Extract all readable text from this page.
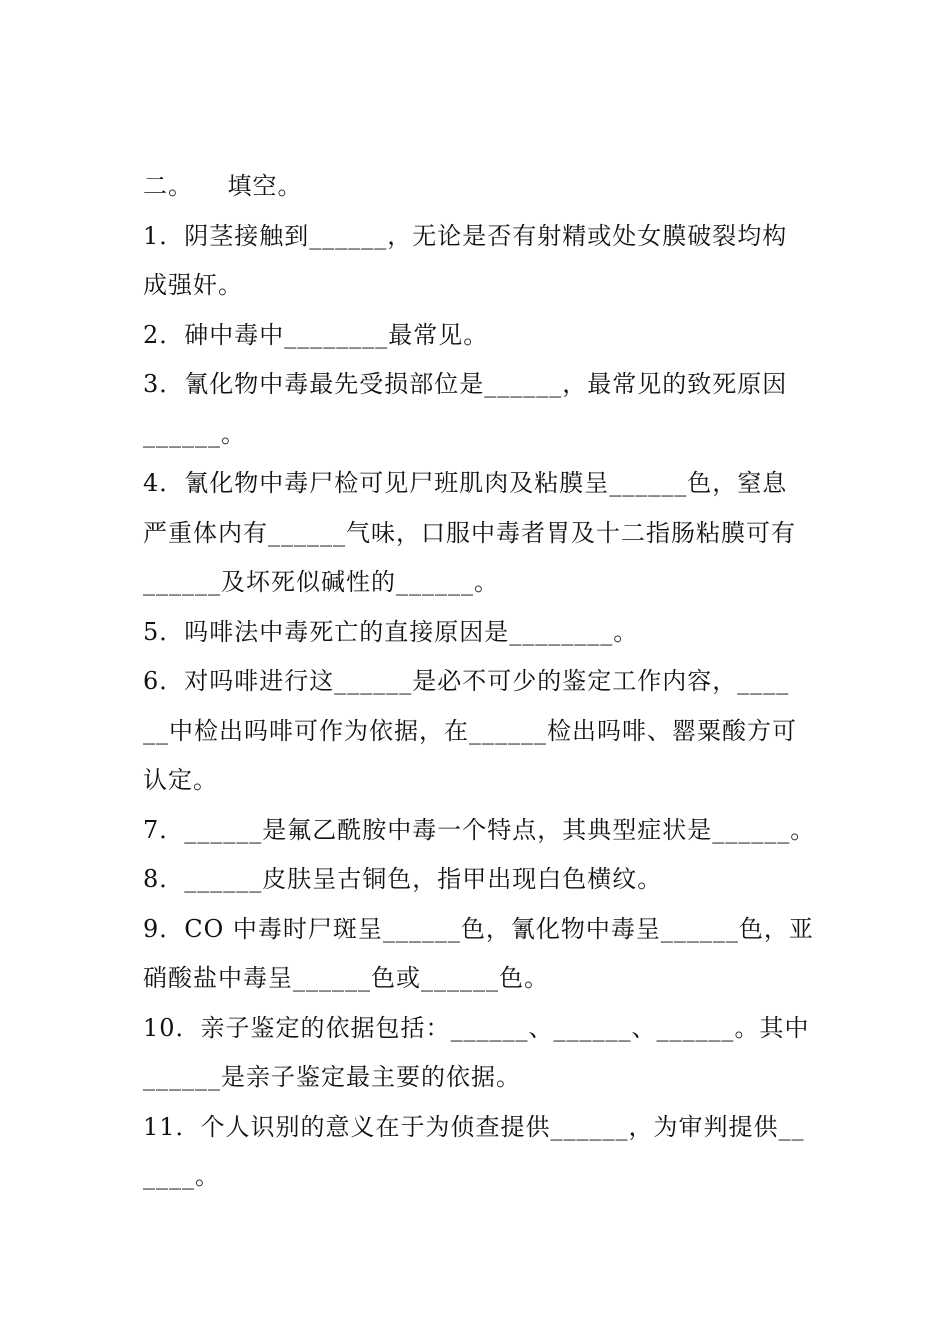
二。    填空。
1．阴茎接触到______，无论是否有射精或处女膜破裂均构
成强奸。
2．砷中毒中________最常见。
3．氰化物中毒最先受损部位是______，最常见的致死原因
______。
4．氰化物中毒尸检可见尸班肌肉及粘膜呈______色，窒息
严重体内有______气味，口服中毒者胃及十二指肠粘膜可有
______及坏死似碱性的______。
5．吗啡法中毒死亡的直接原因是________。
6．对吗啡进行这______是必不可少的鉴定工作内容，____
__中检出吗啡可作为依据，在______检出吗啡、罂粟酸方可
认定。
7．______是氟乙酰胺中毒一个特点，其典型症状是______。
8．______皮肤呈古铜色，指甲出现白色横纹。
9．CO 中毒时尸斑呈______色，氰化物中毒呈______色，亚
硝酸盐中毒呈______色或______色。
10．亲子鉴定的依据包括：______、______、______。其中
______是亲子鉴定最主要的依据。
11．个人识别的意义在于为侦查提供______，为审判提供__
____。
